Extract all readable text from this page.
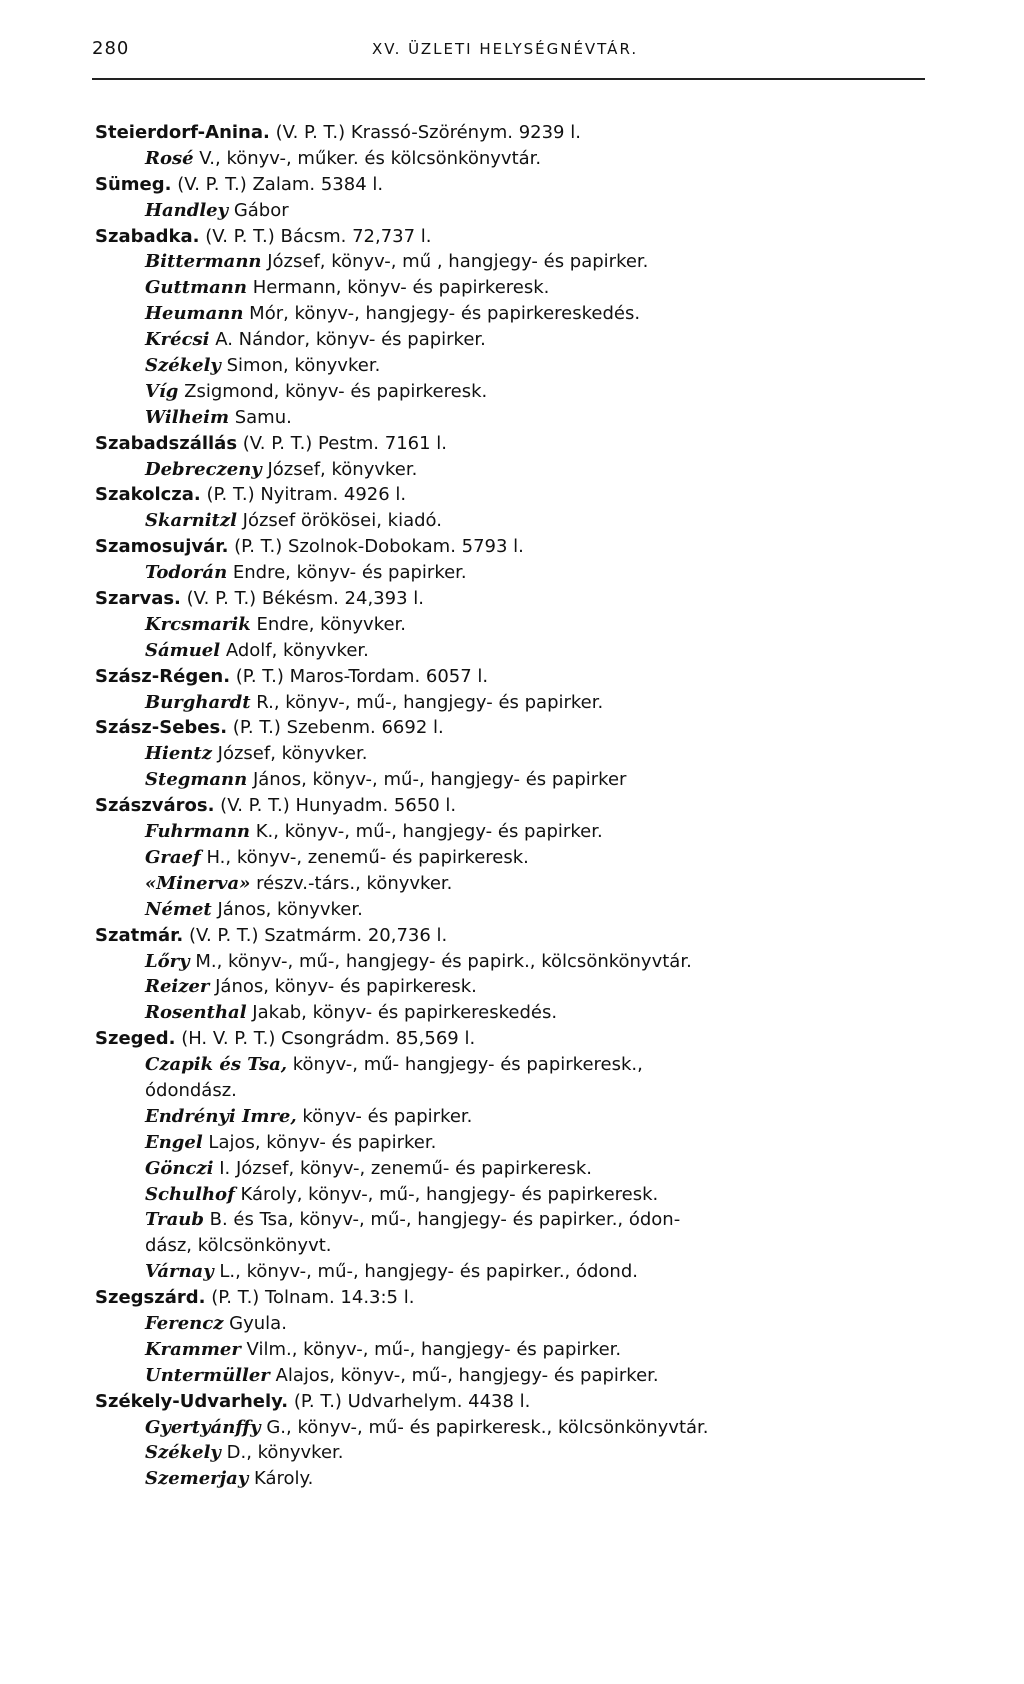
280	XV. ÜZLETI HELYSÉGNÉVTÁR.
Steierdorf-Anina. (V. P. T.) Krassó-Szörénym. 9239 l.
Rosé V., könyv-, műker. és kölcsönkönyvtár.
Sümeg. (V. P. T.) Zalam. 5384 l.
Handley Gábor
Szabadka. (V. P. T.) Bácsm. 72,737 l.
Bittermann József, könyv-, mű , hangjegy- és papirker.
Guttmann Hermann, könyv- és papirkeresk.
Heumann Mór, könyv-, hangjegy- és papirkereskedés.
Krécsi A. Nándor, könyv- és papirker.
Székely Simon, könyvker.
Víg Zsigmond, könyv- és papirkeresk.
Wilheim Samu.
Szabadszállás (V. P. T.) Pestm. 7161 l.
Debreczeny József, könyvker.
Szakolcza. (P. T.) Nyitram. 4926 l.
Skarnitzl József örökösei, kiadó.
Szamosujvár. (P. T.) Szolnok-Dobokam. 5793 l.
Todorán Endre, könyv- és papirker.
Szarvas. (V. P. T.) Békésm. 24,393 l.
Krcsmarik Endre, könyvker.
Sámuel Adolf, könyvker.
Szász-Régen. (P. T.) Maros-Tordam. 6057 l.
Burghardt R., könyv-, mű-, hangjegy- és papirker.
Szász-Sebes. (P. T.) Szebenm. 6692 l.
Hientz József, könyvker.
Stegmann János, könyv-, mű-, hangjegy- és papirker
Szászváros. (V. P. T.) Hunyadm. 5650 l.
Fuhrmann K., könyv-, mű-, hangjegy- és papirker.
Graef H., könyv-, zenemű- és papirkeresk.
«Minerva» részv.-társ., könyvker.
Német János, könyvker.
Szatmár. (V. P. T.) Szatmárm. 20,736 l.
Lőry M., könyv-, mű-, hangjegy- és papirk., kölcsönkönyvtár.
Reizer János, könyv- és papirkeresk.
Rosenthal Jakab, könyv- és papirkereskedés.
Szeged. (H. V. P. T.) Csongrádm. 85,569 l.
Czapik és Tsa, könyv-, mű- hangjegy- és papirkeresk.,
ódondász.
Endrényi Imre, könyv- és papirker.
Engel Lajos, könyv- és papirker.
Gönczi I. József, könyv-, zenemű- és papirkeresk.
Schulhof Károly, könyv-, mű-, hangjegy- és papirkeresk.
Traub B. és Tsa, könyv-, mű-, hangjegy- és papirker., ódon-
dász, kölcsönkönyvt.
Várnay L., könyv-, mű-, hangjegy- és papirker., ódond.
Szegszárd. (P. T.) Tolnam. 14.3:5 l.
Ferencz Gyula.
Krammer Vilm., könyv-, mű-, hangjegy- és papirker.
Untermüller Alajos, könyv-, mű-, hangjegy- és papirker.
Székely-Udvarhely. (P. T.) Udvarhelym. 4438 l.
Gyertyánffy G., könyv-, mű- és papirkeresk., kölcsönkönyvtár.
Székely D., könyvker.
Szemerjay Károly.
